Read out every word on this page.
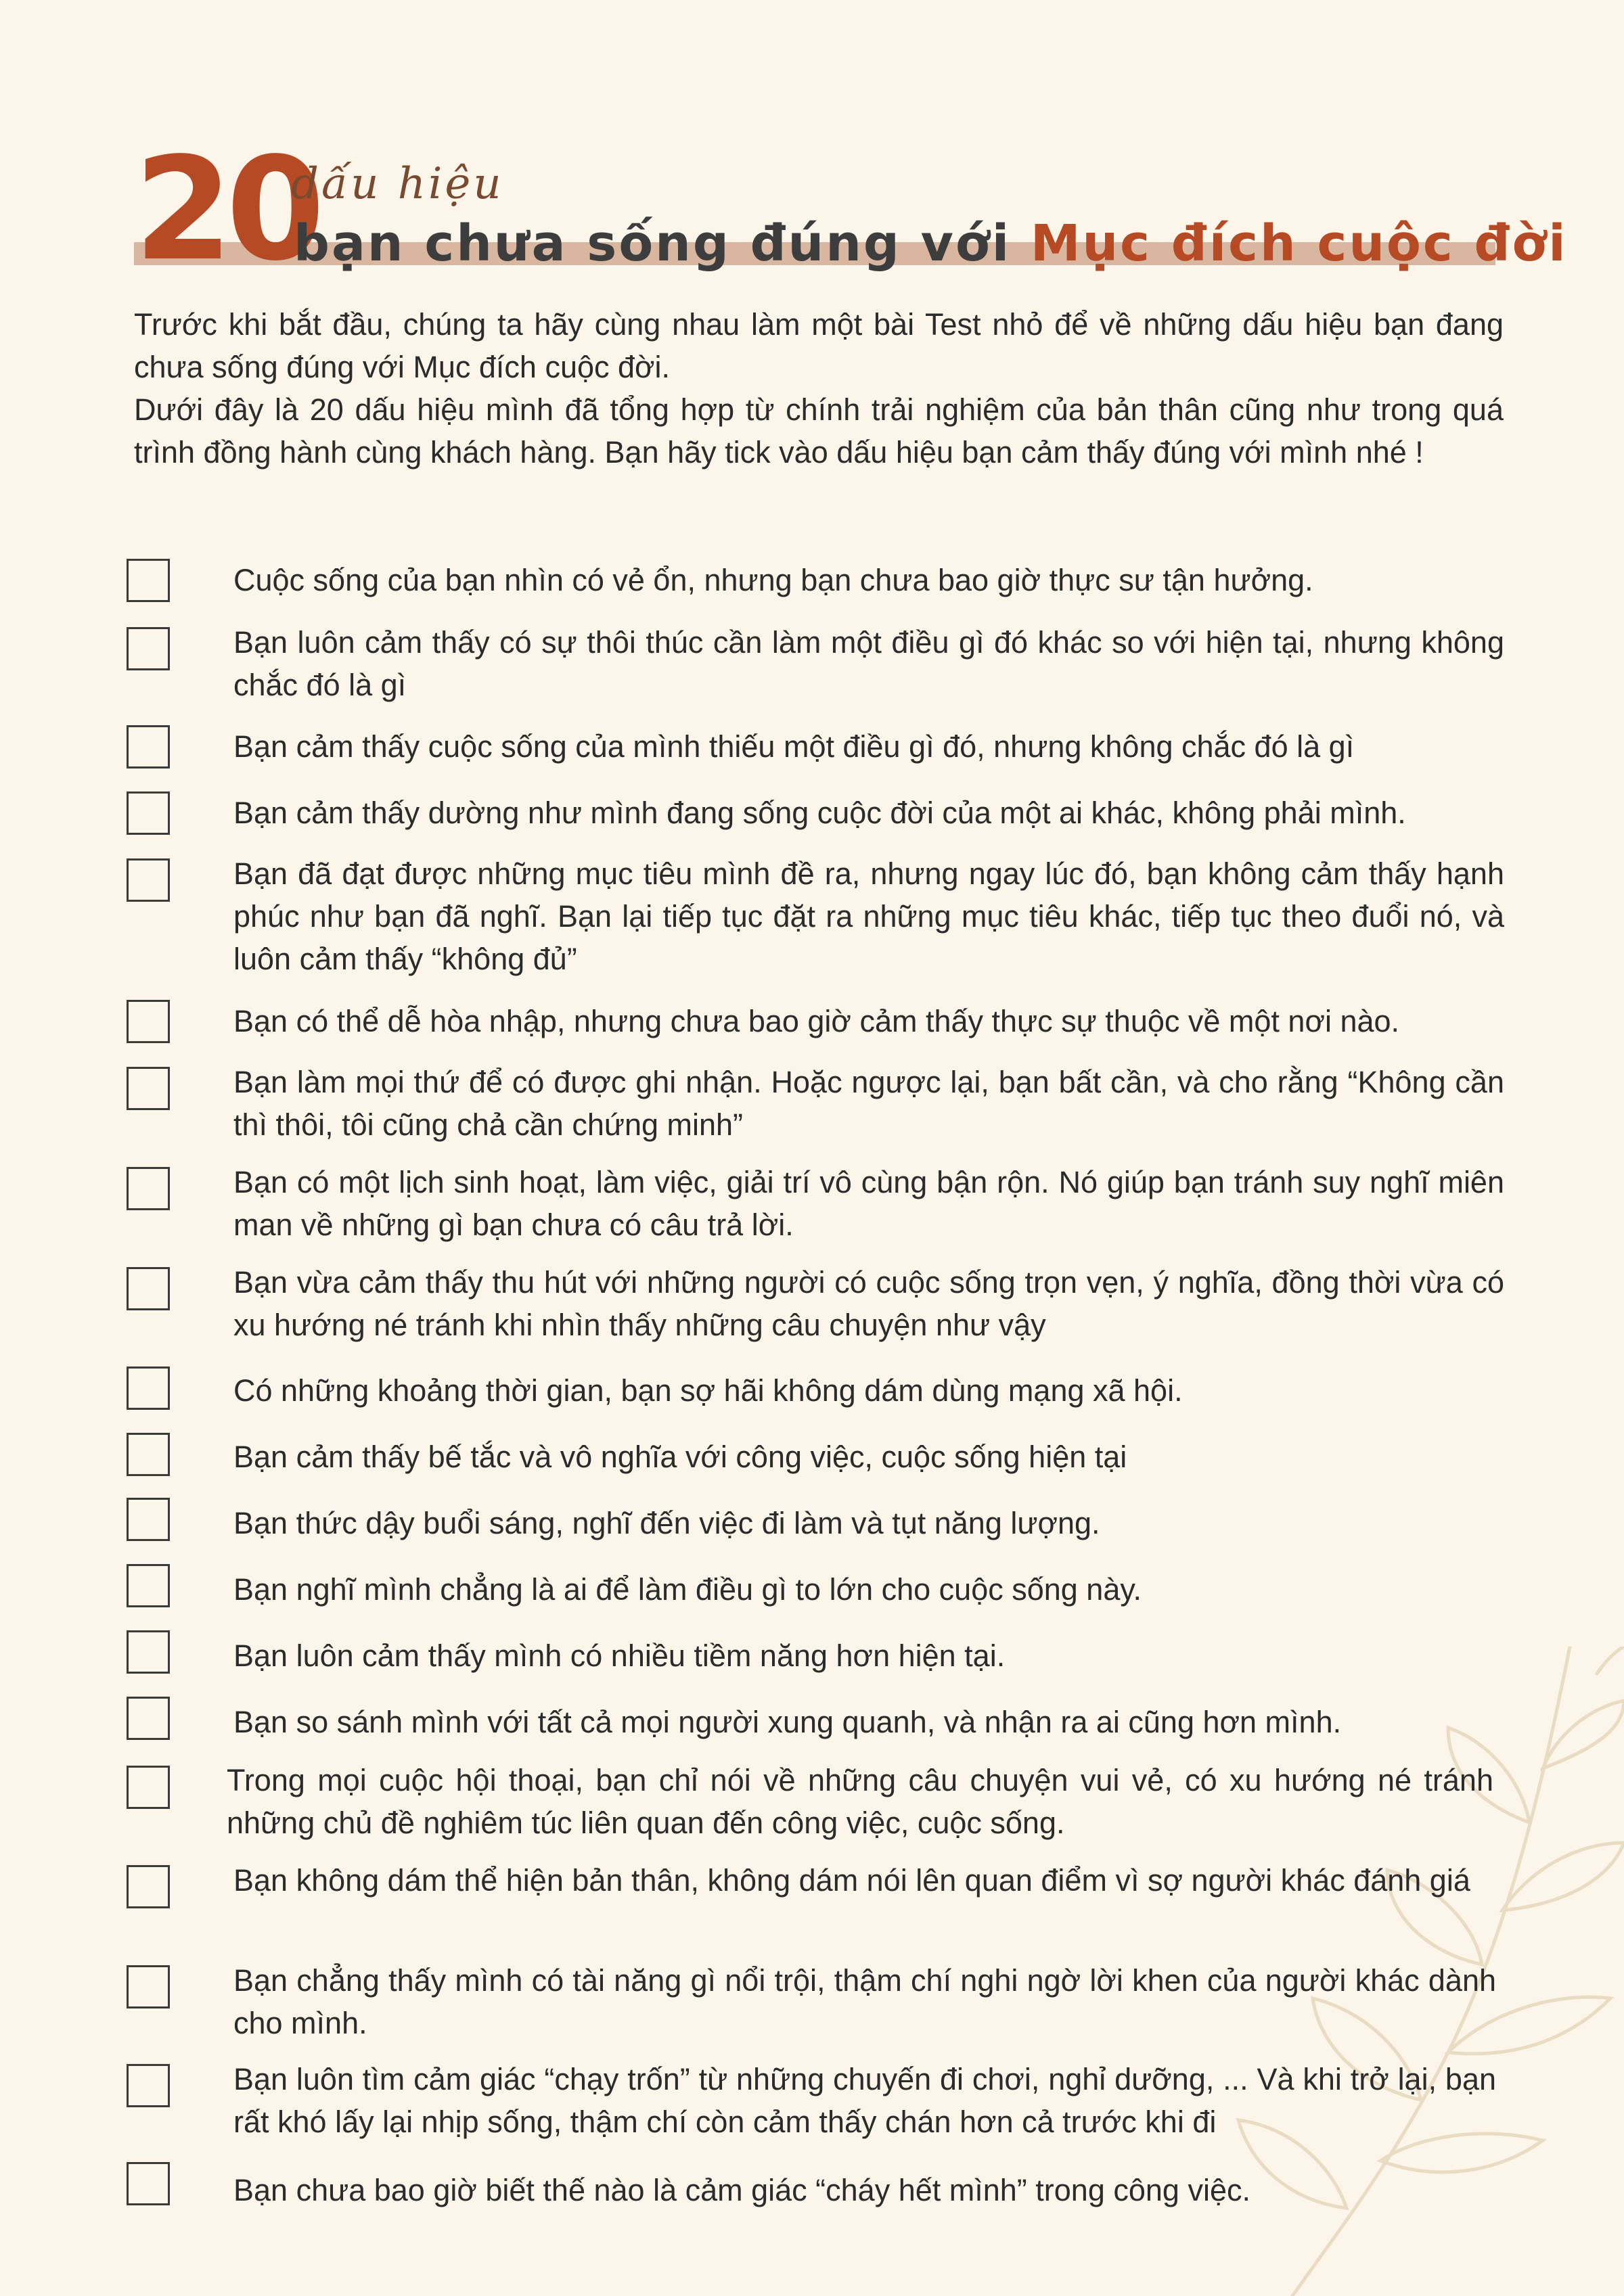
20
dấu hiệu
bạn chưa sống đúng với Mục đích cuộc đời

Trước khi bắt đầu, chúng ta hãy cùng nhau làm một bài Test nhỏ để về những dấu hiệu bạn đang chưa sống đúng với Mục đích cuộc đời.

Dưới đây là 20 dấu hiệu mình đã tổng hợp từ chính trải nghiệm của bản thân cũng như trong quá trình đồng hành cùng khách hàng. Bạn hãy tick vào dấu hiệu bạn cảm thấy đúng với mình nhé !

Cuộc sống của bạn nhìn có vẻ ổn, nhưng bạn chưa bao giờ thực sư tận hưởng.
Bạn luôn cảm thấy có sự thôi thúc cần làm một điều gì đó khác so với hiện tại, nhưng không chắc đó là gì
Bạn cảm thấy cuộc sống của mình thiếu một điều gì đó, nhưng không chắc đó là gì
Bạn cảm thấy dường như mình đang sống cuộc đời của một ai khác, không phải mình.
Bạn đã đạt được những mục tiêu mình đề ra, nhưng ngay lúc đó, bạn không cảm thấy hạnh phúc như bạn đã nghĩ. Bạn lại tiếp tục đặt ra những mục tiêu khác, tiếp tục theo đuổi nó, và luôn cảm thấy “không đủ”
Bạn có thể dễ hòa nhập, nhưng chưa bao giờ cảm thấy thực sự thuộc về một nơi nào.
Bạn làm mọi thứ để có được ghi nhận. Hoặc ngược lại, bạn bất cần, và cho rằng “Không cần thì thôi, tôi cũng chả cần chứng minh”
Bạn có một lịch sinh hoạt, làm việc, giải trí vô cùng bận rộn. Nó giúp bạn tránh suy nghĩ miên man về những gì bạn chưa có câu trả lời.
Bạn vừa cảm thấy thu hút với những người có cuộc sống trọn vẹn, ý nghĩa, đồng thời vừa có xu hướng né tránh khi nhìn thấy những câu chuyện như vậy
Có những khoảng thời gian, bạn sợ hãi không dám dùng mạng xã hội.
Bạn cảm thấy bế tắc và vô nghĩa với công việc, cuộc sống hiện tại
Bạn thức dậy buổi sáng, nghĩ đến việc đi làm và tụt năng lượng.
Bạn nghĩ mình chẳng là ai để làm điều gì to lớn cho cuộc sống này.
Bạn luôn cảm thấy mình có nhiều tiềm năng hơn hiện tại.
Bạn so sánh mình với tất cả mọi người xung quanh, và nhận ra ai cũng hơn mình.
Trong mọi cuộc hội thoại, bạn chỉ nói về những câu chuyện vui vẻ, có xu hướng né tránh những chủ đề nghiêm túc liên quan đến công việc, cuộc sống.
Bạn không dám thể hiện bản thân, không dám nói lên quan điểm vì sợ người khác đánh giá
Bạn chẳng thấy mình có tài năng gì nổi trội, thậm chí nghi ngờ lời khen của người khác dành cho mình.
Bạn luôn tìm cảm giác “chạy trốn” từ những chuyến đi chơi, nghỉ dưỡng, ... Và khi trở lại, bạn rất khó lấy lại nhịp sống, thậm chí còn cảm thấy chán hơn cả trước khi đi
Bạn chưa bao giờ biết thế nào là cảm giác “cháy hết mình” trong công việc.
